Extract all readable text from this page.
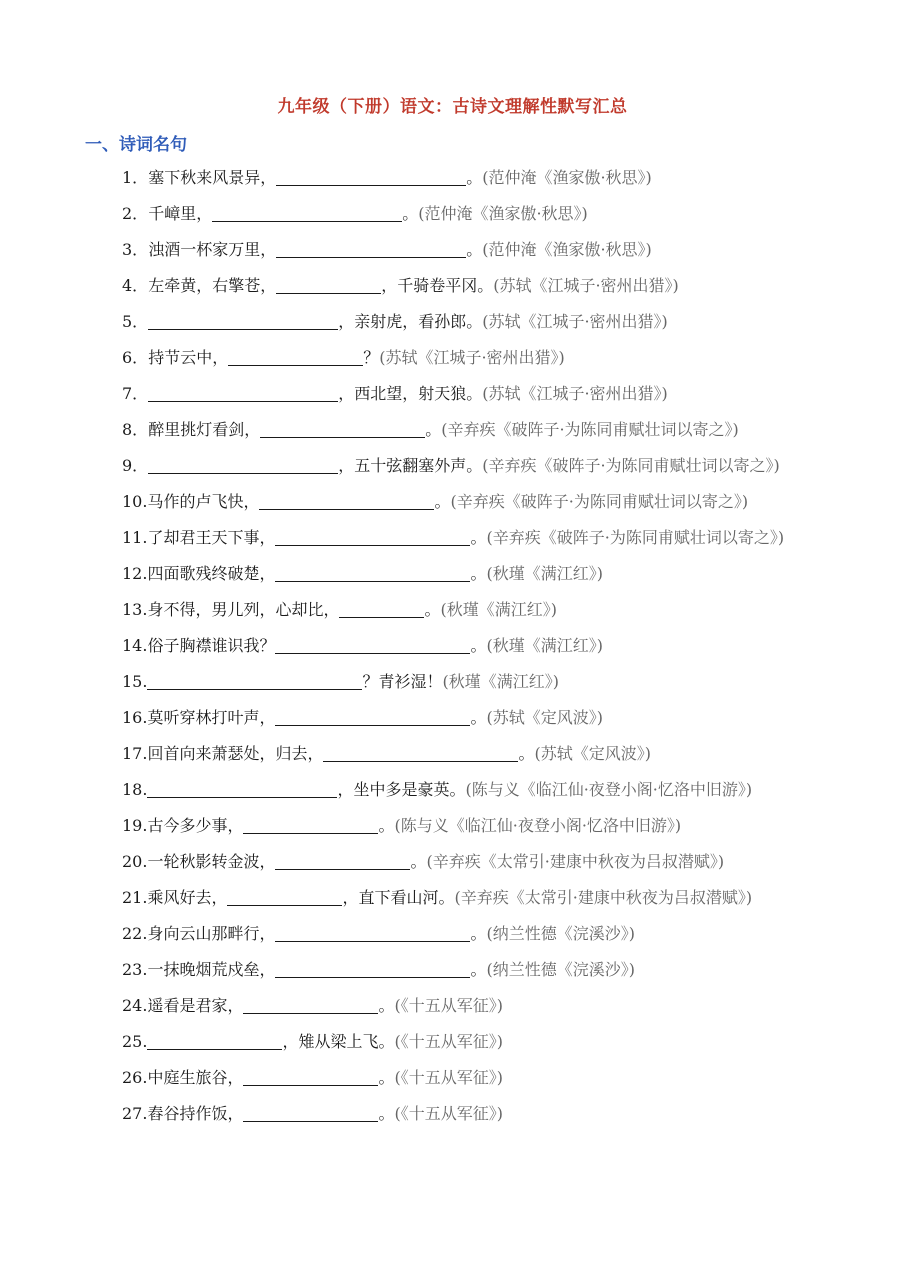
九年级（下册）语文：古诗文理解性默写汇总
一、诗词名句
1．塞下秋来风景异，	。(范仲淹《渔家傲·秋思》)
2．千嶂里，	。(范仲淹《渔家傲·秋思》)
3．浊酒一杯家万里，	。(范仲淹《渔家傲·秋思》)
4．左牵黄，右擎苍，	，千骑卷平冈。(苏轼《江城子·密州出猎》)
5．	，亲射虎，看孙郎。(苏轼《江城子·密州出猎》)
6．持节云中，	？(苏轼《江城子·密州出猎》)
7．	，西北望，射天狼。(苏轼《江城子·密州出猎》)
8．醉里挑灯看剑，	。(辛弃疾《破阵子·为陈同甫赋壮词以寄之》)
9．	，五十弦翻塞外声。(辛弃疾《破阵子·为陈同甫赋壮词以寄之》)
10.马作的卢飞快，	。(辛弃疾《破阵子·为陈同甫赋壮词以寄之》)
11.了却君王天下事，	。(辛弃疾《破阵子·为陈同甫赋壮词以寄之》)
12.四面歌残终破楚，	。(秋瑾《满江红》)
13.身不得，男儿列，心却比，	。(秋瑾《满江红》)
14.俗子胸襟谁识我？	。(秋瑾《满江红》)
15.	？青衫湿！(秋瑾《满江红》)
16.莫听穿林打叶声，	。(苏轼《定风波》)
17.回首向来萧瑟处，归去，	。(苏轼《定风波》)
18.	，坐中多是豪英。(陈与义《临江仙·夜登小阁·忆洛中旧游》)
19.古今多少事，	。(陈与义《临江仙·夜登小阁·忆洛中旧游》)
20.一轮秋影转金波，	。(辛弃疾《太常引·建康中秋夜为吕叔潜赋》)
21.乘风好去，	，直下看山河。(辛弃疾《太常引·建康中秋夜为吕叔潜赋》)
22.身向云山那畔行，	。(纳兰性德《浣溪沙》)
23.一抹晚烟荒戍垒，	。(纳兰性德《浣溪沙》)
24.遥看是君家，	。(《十五从军征》)
25.	，雉从梁上飞。(《十五从军征》)
26.中庭生旅谷，	。(《十五从军征》)
27.舂谷持作饭，	。(《十五从军征》)
